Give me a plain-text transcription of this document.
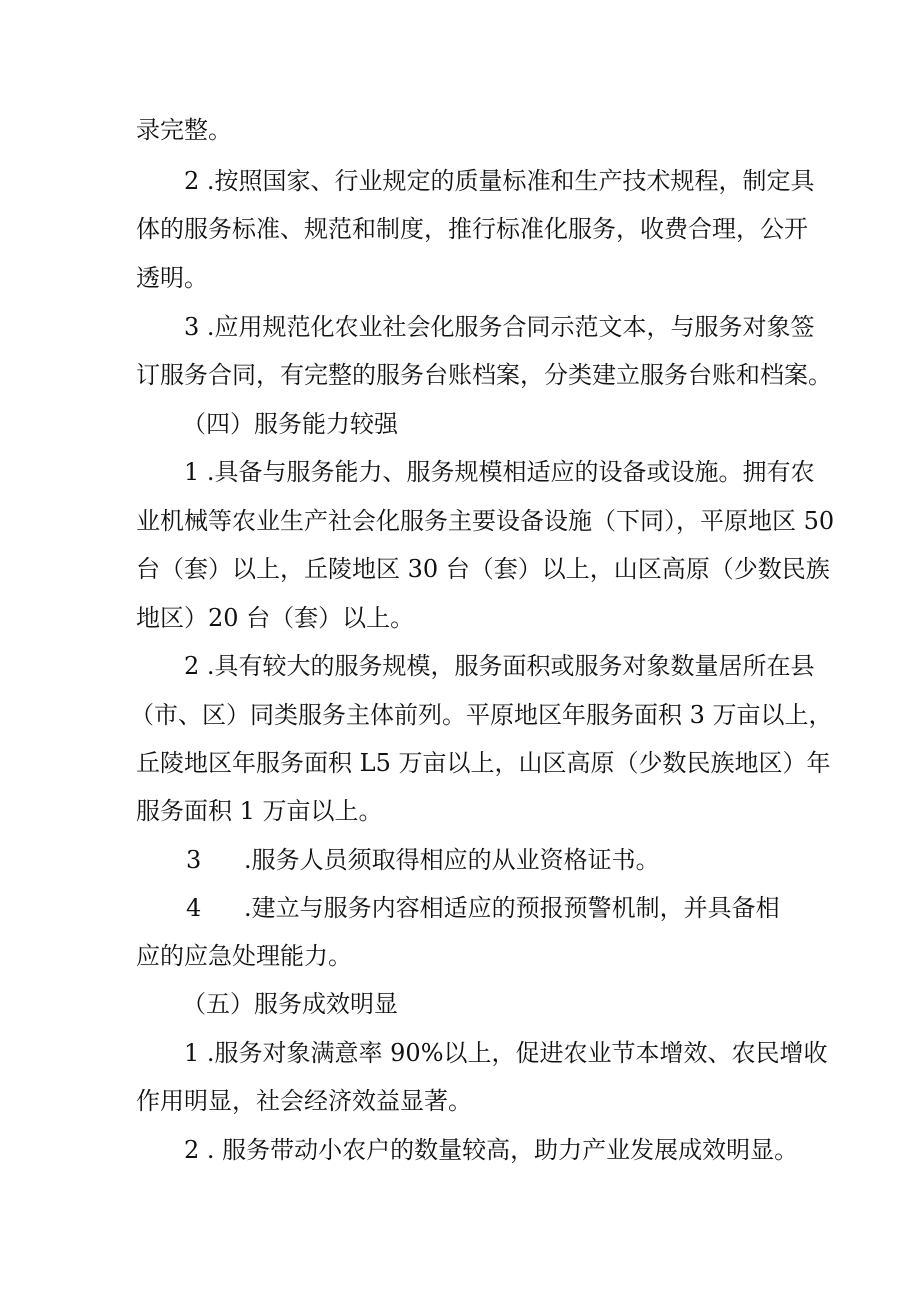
录完整。
2 .按照国家、行业规定的质量标准和生产技术规程，制定具
体的服务标准、规范和制度，推行标准化服务，收费合理，公开
透明。
3 .应用规范化农业社会化服务合同示范文本，与服务对象签
订服务合同，有完整的服务台账档案，分类建立服务台账和档案。
（四）服务能力较强
1 .具备与服务能力、服务规模相适应的设备或设施。拥有农
业机械等农业生产社会化服务主要设备设施（下同），平原地区 50
台（套）以上，丘陵地区 30 台（套）以上，山区高原（少数民族
地区）20 台（套）以上。
2 .具有较大的服务规模，服务面积或服务对象数量居所在县
（市、区）同类服务主体前列。平原地区年服务面积 3 万亩以上，
丘陵地区年服务面积 L5 万亩以上，山区高原（少数民族地区）年
服务面积 1 万亩以上。
3 .服务人员须取得相应的从业资格证书。
4 .建立与服务内容相适应的预报预警机制，并具备相
应的应急处理能力。
（五）服务成效明显
1 .服务对象满意率 90%以上，促进农业节本增效、农民增收
作用明显，社会经济效益显著。
2 . 服务带动小农户的数量较高，助力产业发展成效明显。
